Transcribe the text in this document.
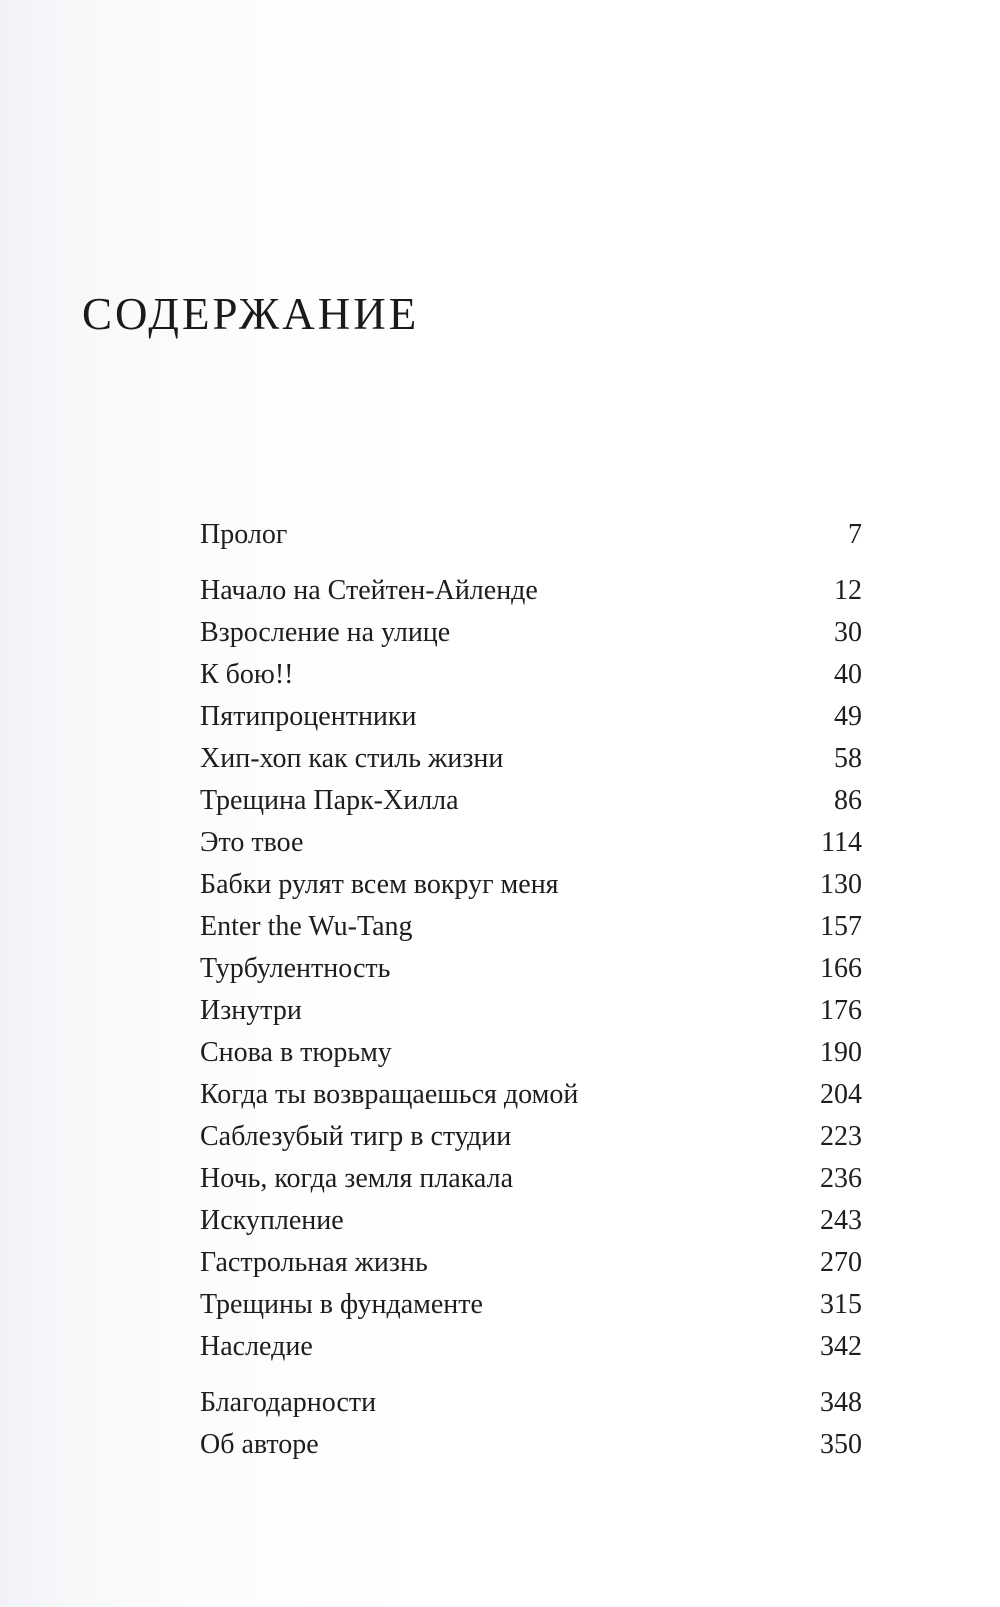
СОДЕРЖАНИЕ
Пролог	7
Начало на Стейтен-Айленде	12
Взросление на улице	30
К бою!!	40
Пятипроцентники	49
Хип-хоп как стиль жизни	58
Трещина Парк-Хилла	86
Это твое	114
Бабки рулят всем вокруг меня	130
Enter the Wu-Tang	157
Турбулентность	166
Изнутри	176
Снова в тюрьму	190
Когда ты возвращаешься домой	204
Саблезубый тигр в студии	223
Ночь, когда земля плакала	236
Искупление	243
Гастрольная жизнь	270
Трещины в фундаменте	315
Наследие	342
Благодарности	348
Об авторе	350
